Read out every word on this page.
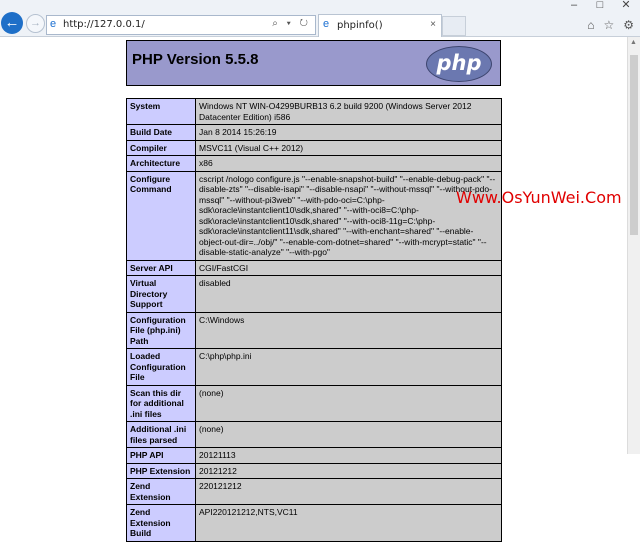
–	□	✕
← → e http://127.0.0.1/	⌕ ▾ ↻ e phpinfo()	×	⌂ ☆ ⚙
PHP Version 5.5.8	php
System	Windows NT WIN-O4299BURB13 6.2 build 9200 (Windows Server 2012 Datacenter Edition) i586
Build Date	Jan 8 2014 15:26:19
Compiler	MSVC11 (Visual C++ 2012)
Architecture	x86
Configure Command	cscript /nologo configure.js "--enable-snapshot-build" "--enable-debug-pack" "--disable-zts" "--disable-isapi" "--disable-nsapi" "--without-mssql" "--without-pdo-mssql" "--without-pi3web" "--with-pdo-oci=C:\php-sdk\oracle\instantclient10\sdk,shared" "--with-oci8=C:\php-sdk\oracle\instantclient10\sdk,shared" "--with-oci8-11g=C:\php-sdk\oracle\instantclient11\sdk,shared" "--with-enchant=shared" "--enable-object-out-dir=../obj/" "--enable-com-dotnet=shared" "--with-mcrypt=static" "--disable-static-analyze" "--with-pgo"
Server API	CGI/FastCGI
Virtual Directory Support	disabled
Configuration File (php.ini) Path	C:\Windows
Loaded Configuration File	C:\php\php.ini
Scan this dir for additional .ini files	(none)
Additional .ini files parsed	(none)
PHP API	20121113
PHP Extension	20121212
Zend Extension	220121212
Zend Extension Build	API220121212,NTS,VC11
▲
Www.OsYunWei.Com
